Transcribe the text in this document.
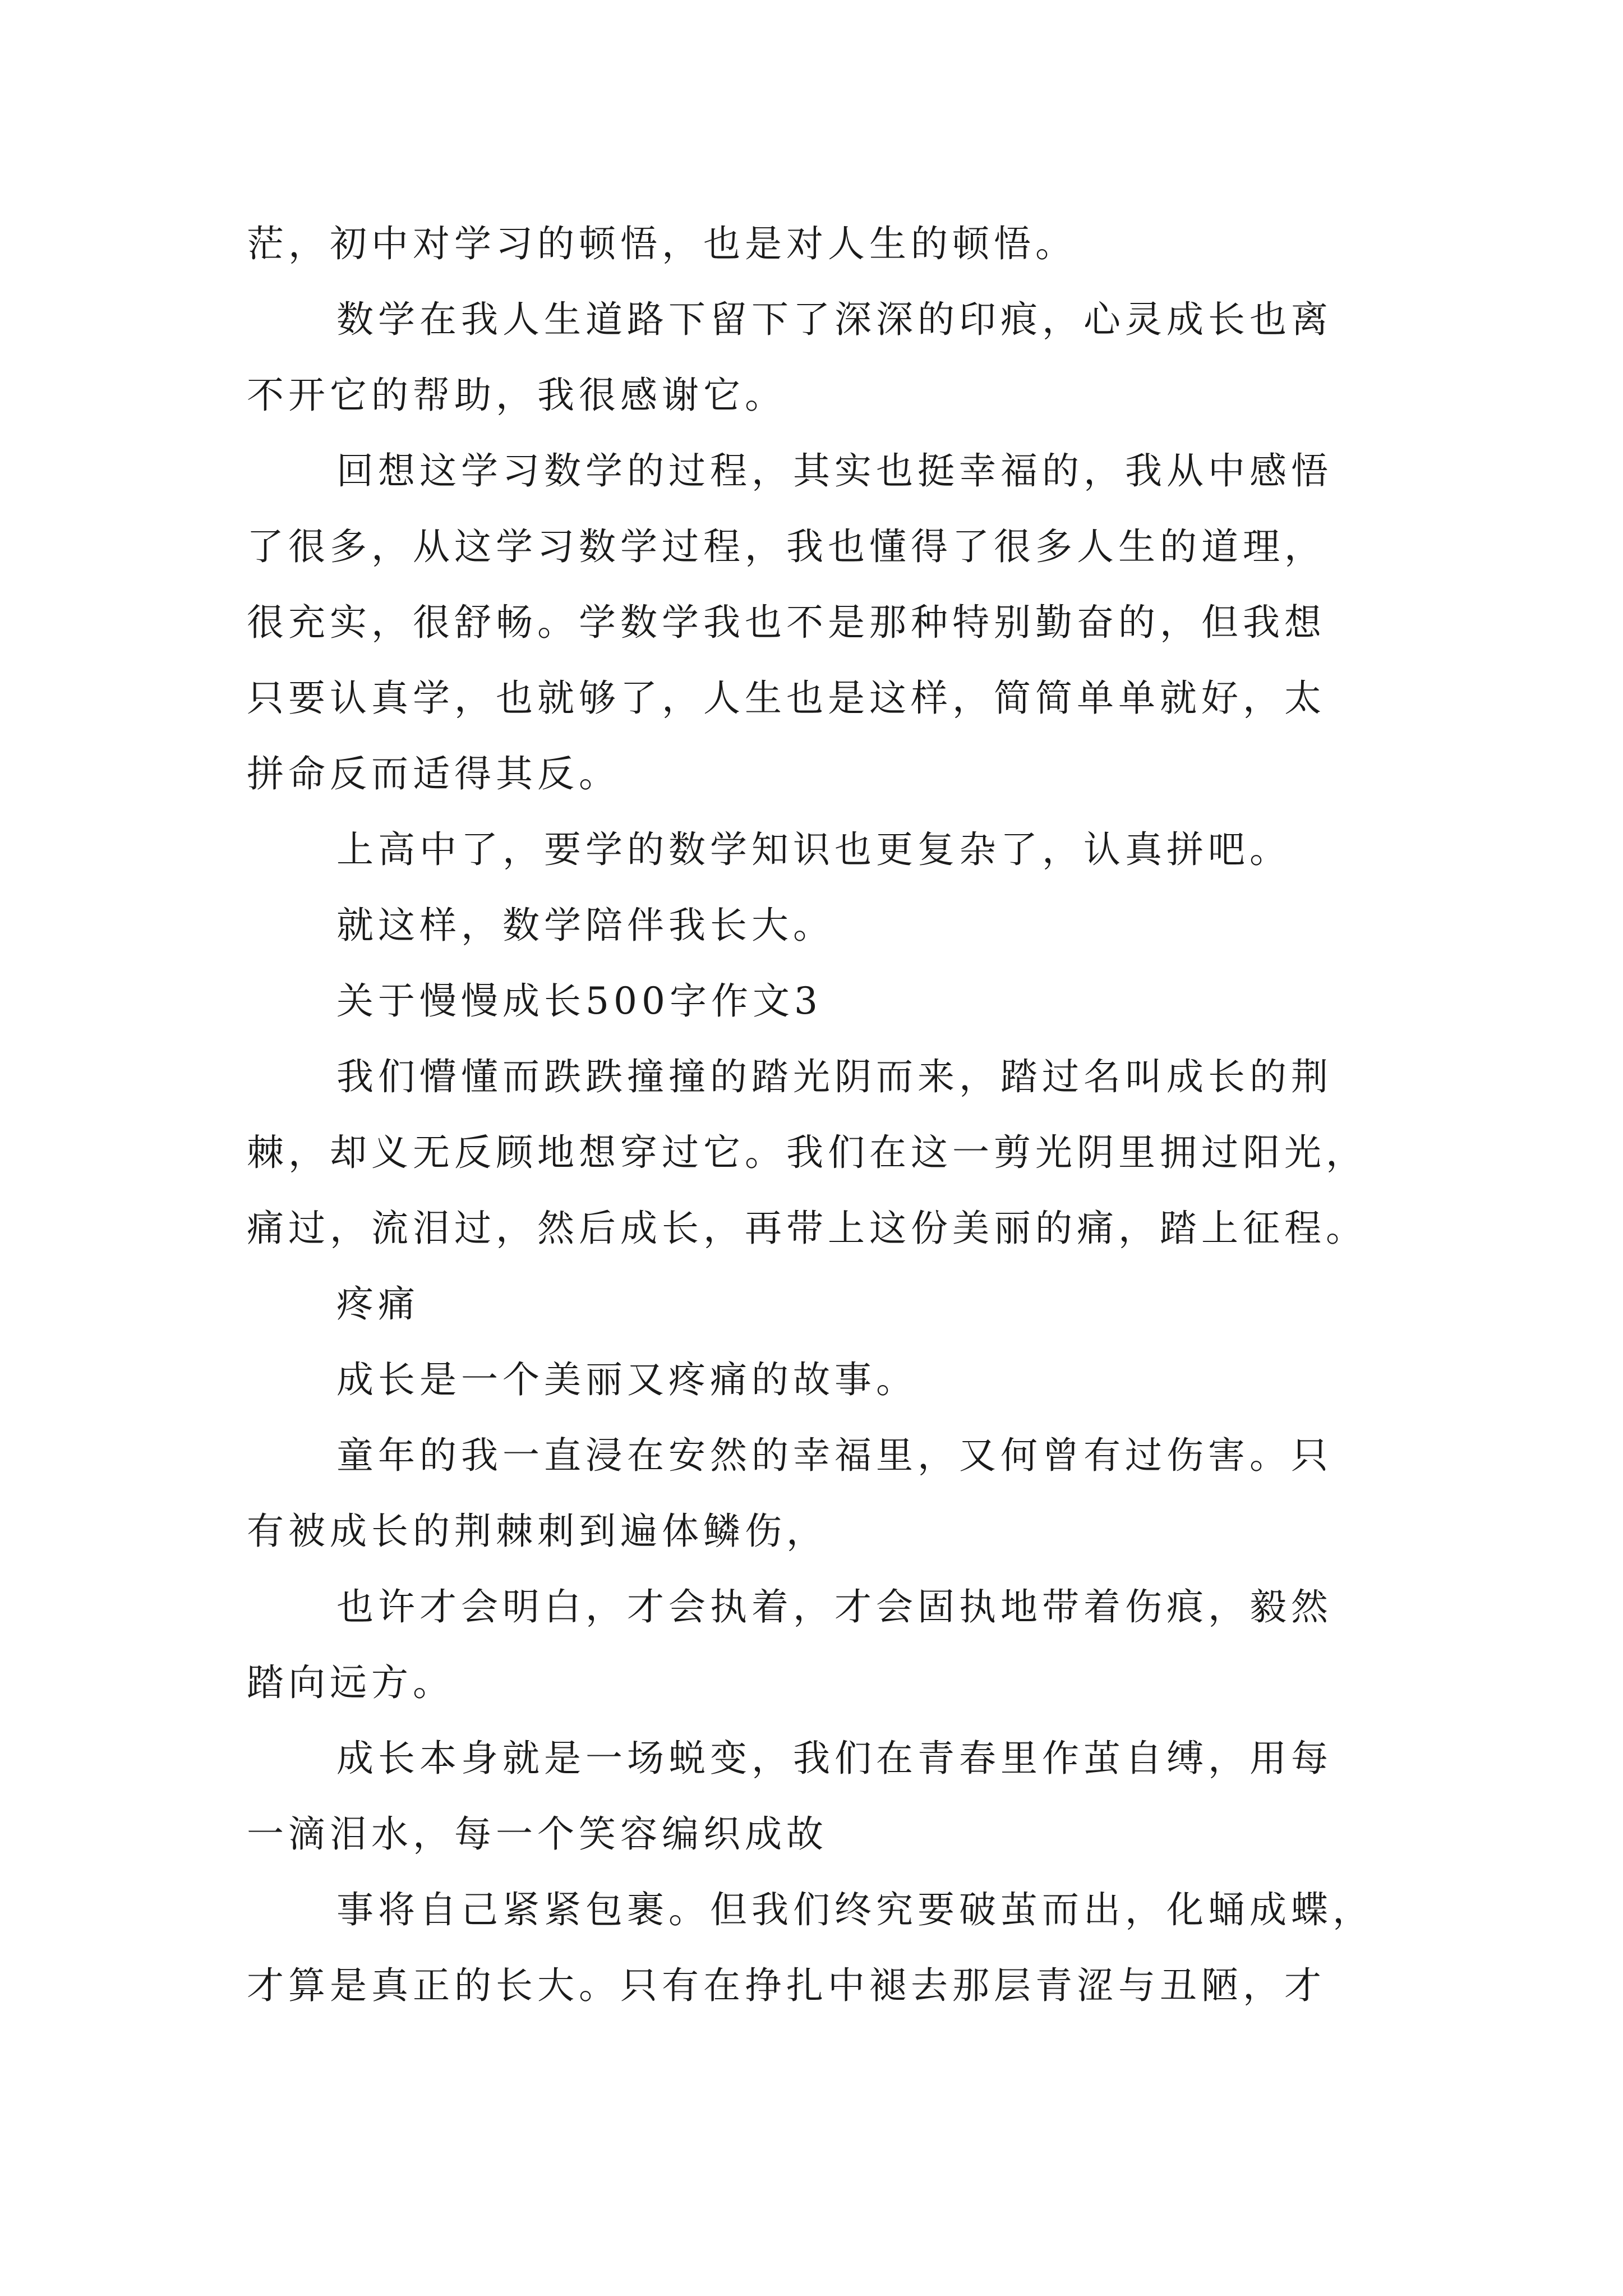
茫，初中对学习的顿悟，也是对人生的顿悟。
数学在我人生道路下留下了深深的印痕，心灵成长也离
不开它的帮助，我很感谢它。
回想这学习数学的过程，其实也挺幸福的，我从中感悟
了很多，从这学习数学过程，我也懂得了很多人生的道理，
很充实，很舒畅。学数学我也不是那种特别勤奋的，但我想
只要认真学，也就够了，人生也是这样，简简单单就好，太
拼命反而适得其反。
上高中了，要学的数学知识也更复杂了，认真拼吧。
就这样，数学陪伴我长大。
关于慢慢成长500字作文3
我们懵懂而跌跌撞撞的踏光阴而来，踏过名叫成长的荆
棘，却义无反顾地想穿过它。我们在这一剪光阴里拥过阳光，
痛过，流泪过，然后成长，再带上这份美丽的痛，踏上征程。
疼痛
成长是一个美丽又疼痛的故事。
童年的我一直浸在安然的幸福里，又何曾有过伤害。只
有被成长的荆棘刺到遍体鳞伤，
也许才会明白，才会执着，才会固执地带着伤痕，毅然
踏向远方。
成长本身就是一场蜕变，我们在青春里作茧自缚，用每
一滴泪水，每一个笑容编织成故
事将自己紧紧包裹。但我们终究要破茧而出，化蛹成蝶，
才算是真正的长大。只有在挣扎中褪去那层青涩与丑陋，才
